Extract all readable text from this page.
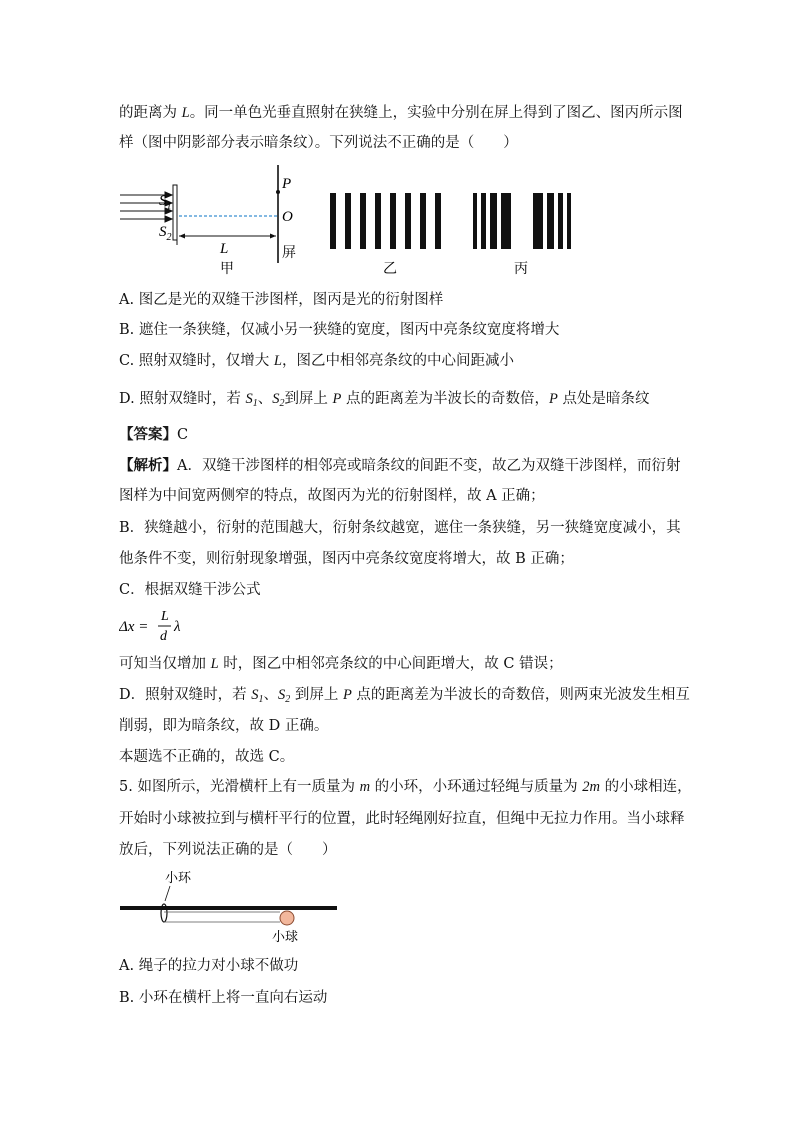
的距离为 L。同一单色光垂直照射在狭缝上，实验中分别在屏上得到了图乙、图丙所示图
样（图中阴影部分表示暗条纹）。下列说法不正确的是（　　）
$S_1$
$S_2$
P
O
L	屏
甲	乙	丙
A. 图乙是光的双缝干涉图样，图丙是光的衍射图样
B. 遮住一条狭缝，仅减小另一狭缝的宽度，图丙中亮条纹宽度将增大
C. 照射双缝时，仅增大 L，图乙中相邻亮条纹的中心间距减小
D. 照射双缝时，若 $S_1$、$S_2$到屏上 P 点的距离差为半波长的奇数倍，P 点处是暗条纹
【答案】C
【解析】A．双缝干涉图样的相邻亮或暗条纹的间距不变，故乙为双缝干涉图样，而衍射
图样为中间宽两侧窄的特点，故图丙为光的衍射图样，故 A 正确；
B．狭缝越小，衍射的范围越大，衍射条纹越宽，遮住一条狭缝，另一狭缝宽度减小，其
他条件不变，则衍射现象增强，图丙中亮条纹宽度将增大，故 B 正确；
C．根据双缝干涉公式
Δx =
L
d
λ
可知当仅增加 L 时，图乙中相邻亮条纹的中心间距增大，故 C 错误；
D．照射双缝时，若 $S_1$、$S_2$ 到屏上 P 点的距离差为半波长的奇数倍，则两束光波发生相互
削弱，即为暗条纹，故 D 正确。
本题选不正确的，故选 C。
5. 如图所示，光滑横杆上有一质量为 m 的小环，小环通过轻绳与质量为 2m 的小球相连，
开始时小球被拉到与横杆平行的位置，此时轻绳刚好拉直，但绳中无拉力作用。当小球释
放后，下列说法正确的是（　　）
小环
小球
A. 绳子的拉力对小球不做功
B. 小环在横杆上将一直向右运动
